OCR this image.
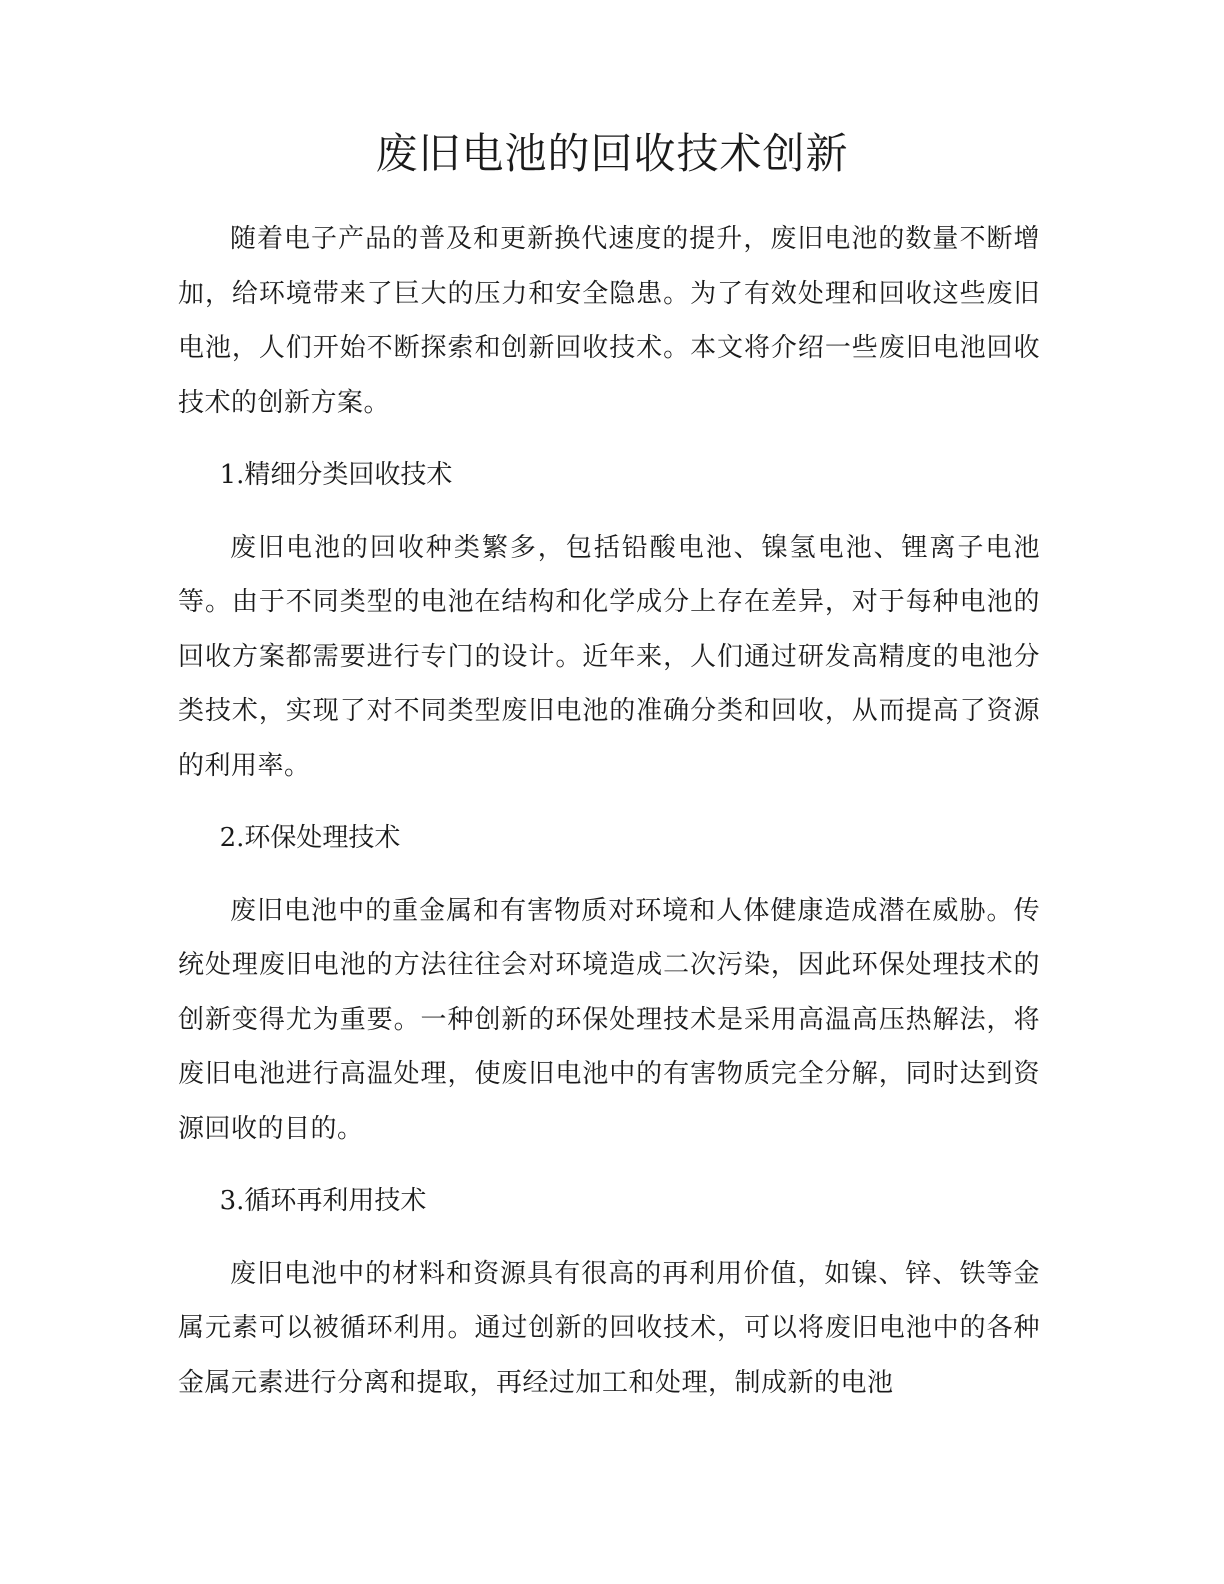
废旧电池的回收技术创新

随着电子产品的普及和更新换代速度的提升，废旧电池的数量不断增加，给环境带来了巨大的压力和安全隐患。为了有效处理和回收这些废旧电池，人们开始不断探索和创新回收技术。本文将介绍一些废旧电池回收技术的创新方案。

1.精细分类回收技术

废旧电池的回收种类繁多，包括铅酸电池、镍氢电池、锂离子电池等。由于不同类型的电池在结构和化学成分上存在差异，对于每种电池的回收方案都需要进行专门的设计。近年来，人们通过研发高精度的电池分类技术，实现了对不同类型废旧电池的准确分类和回收，从而提高了资源的利用率。

2.环保处理技术

废旧电池中的重金属和有害物质对环境和人体健康造成潜在威胁。传统处理废旧电池的方法往往会对环境造成二次污染，因此环保处理技术的创新变得尤为重要。一种创新的环保处理技术是采用高温高压热解法，将废旧电池进行高温处理，使废旧电池中的有害物质完全分解，同时达到资源回收的目的。

3.循环再利用技术

废旧电池中的材料和资源具有很高的再利用价值，如镍、锌、铁等金属元素可以被循环利用。通过创新的回收技术，可以将废旧电池中的各种金属元素进行分离和提取，再经过加工和处理，制成新的电池
